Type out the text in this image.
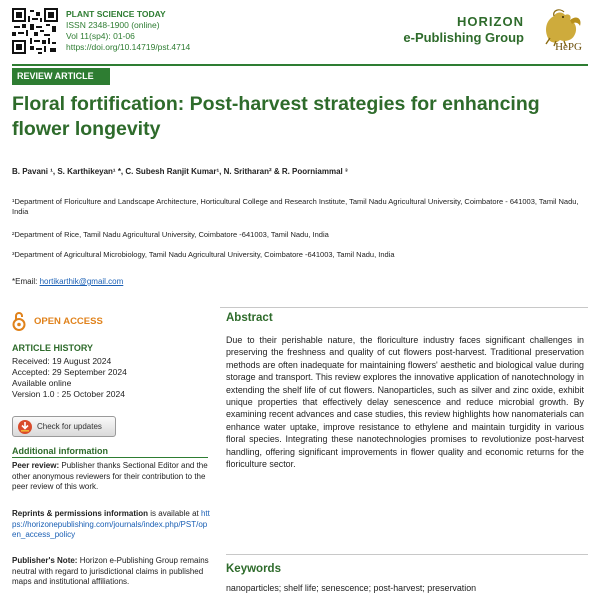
PLANT SCIENCE TODAY
ISSN 2348-1900 (online)
Vol 11(sp4): 01-06
https://doi.org/10.14719/pst.4714
HORIZON
e-Publishing Group
HePG
REVIEW ARTICLE
Floral fortification: Post-harvest strategies for enhancing flower longevity
B. Pavani ¹, S. Karthikeyan¹ *, C. Subesh Ranjit Kumar¹, N. Sritharan² & R. Poorniammal ³
¹Department of Floriculture and Landscape Architecture, Horticultural College and Research Institute, Tamil Nadu Agricultural University, Coimbatore - 641003, Tamil Nadu, India
²Department of Rice, Tamil Nadu Agricultural University, Coimbatore -641003, Tamil Nadu, India
³Department of Agricultural Microbiology, Tamil Nadu Agricultural University, Coimbatore -641003, Tamil Nadu, India
*Email: hortikarthik@gmail.com
OPEN ACCESS
ARTICLE HISTORY
Received: 19 August 2024
Accepted: 29 September 2024
Available online
Version 1.0 : 25 October 2024
Check for updates
Additional information
Peer review: Publisher thanks Sectional Editor and the other anonymous reviewers for their contribution to the peer review of this work.
Reprints & permissions information is available at https://horizonepublishing.com/journals/index.php/PST/open_access_policy
Publisher's Note: Horizon e-Publishing Group remains neutral with regard to jurisdictional claims in published maps and institutional affiliations.
Abstract
Due to their perishable nature, the floriculture industry faces significant challenges in preserving the freshness and quality of cut flowers post-harvest. Traditional preservation methods are often inadequate for maintaining flowers' aesthetic and biological value during storage and transport. This review explores the innovative application of nanotechnology in extending the shelf life of cut flowers. Nanoparticles, such as silver and zinc oxide, exhibit unique properties that effectively delay senescence and reduce microbial growth. By examining recent advances and case studies, this review highlights how nanomaterials can enhance water uptake, improve resistance to ethylene and maintain turgidity in various floral species. Integrating these nanotechnologies promises to revolutionize post-harvest handling, offering significant improvements in flower quality and economic returns for the floriculture sector.
Keywords
nanoparticles; shelf life; senescence; post-harvest; preservation
